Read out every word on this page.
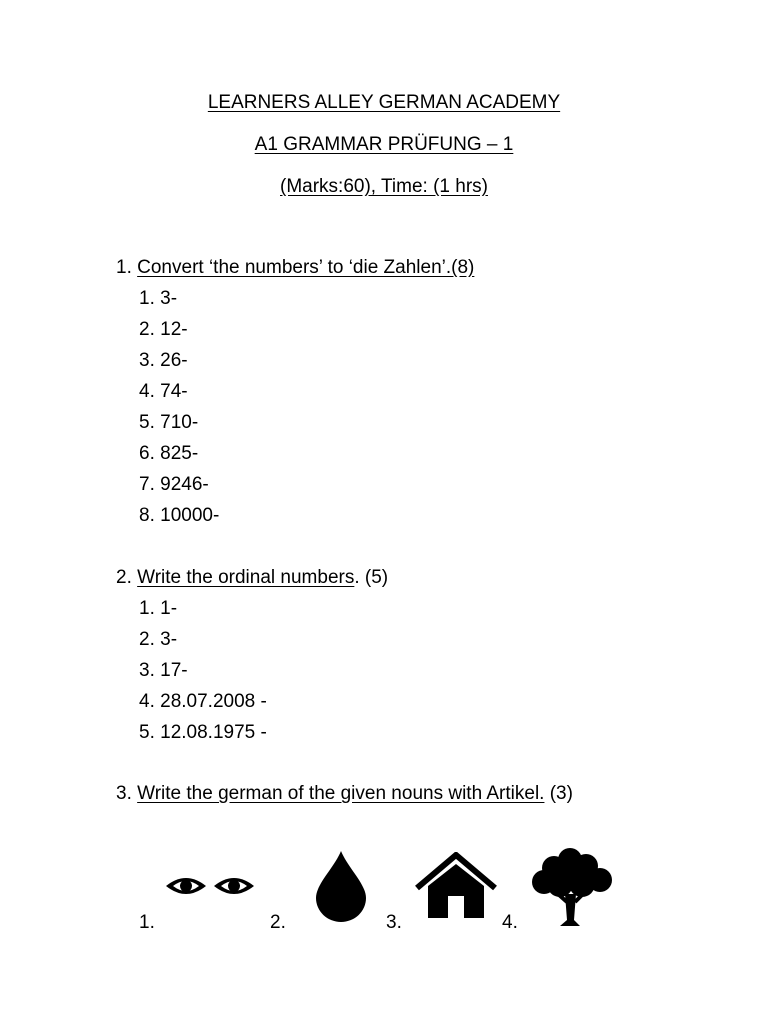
LEARNERS ALLEY GERMAN ACADEMY
A1 GRAMMAR PRÜFUNG – 1
(Marks:60), Time: (1 hrs)
1. Convert ‘the numbers’ to ‘die Zahlen’.(8)
1. 3-
2. 12-
3. 26-
4. 74-
5. 710-
6. 825-
7. 9246-
8. 10000-
2. Write the ordinal numbers. (5)
1. 1-
2. 3-
3. 17-
4. 28.07.2008 -
5. 12.08.1975 -
3. Write the german of the given nouns with Artikel. (3)
1.	2.	3.	4.
